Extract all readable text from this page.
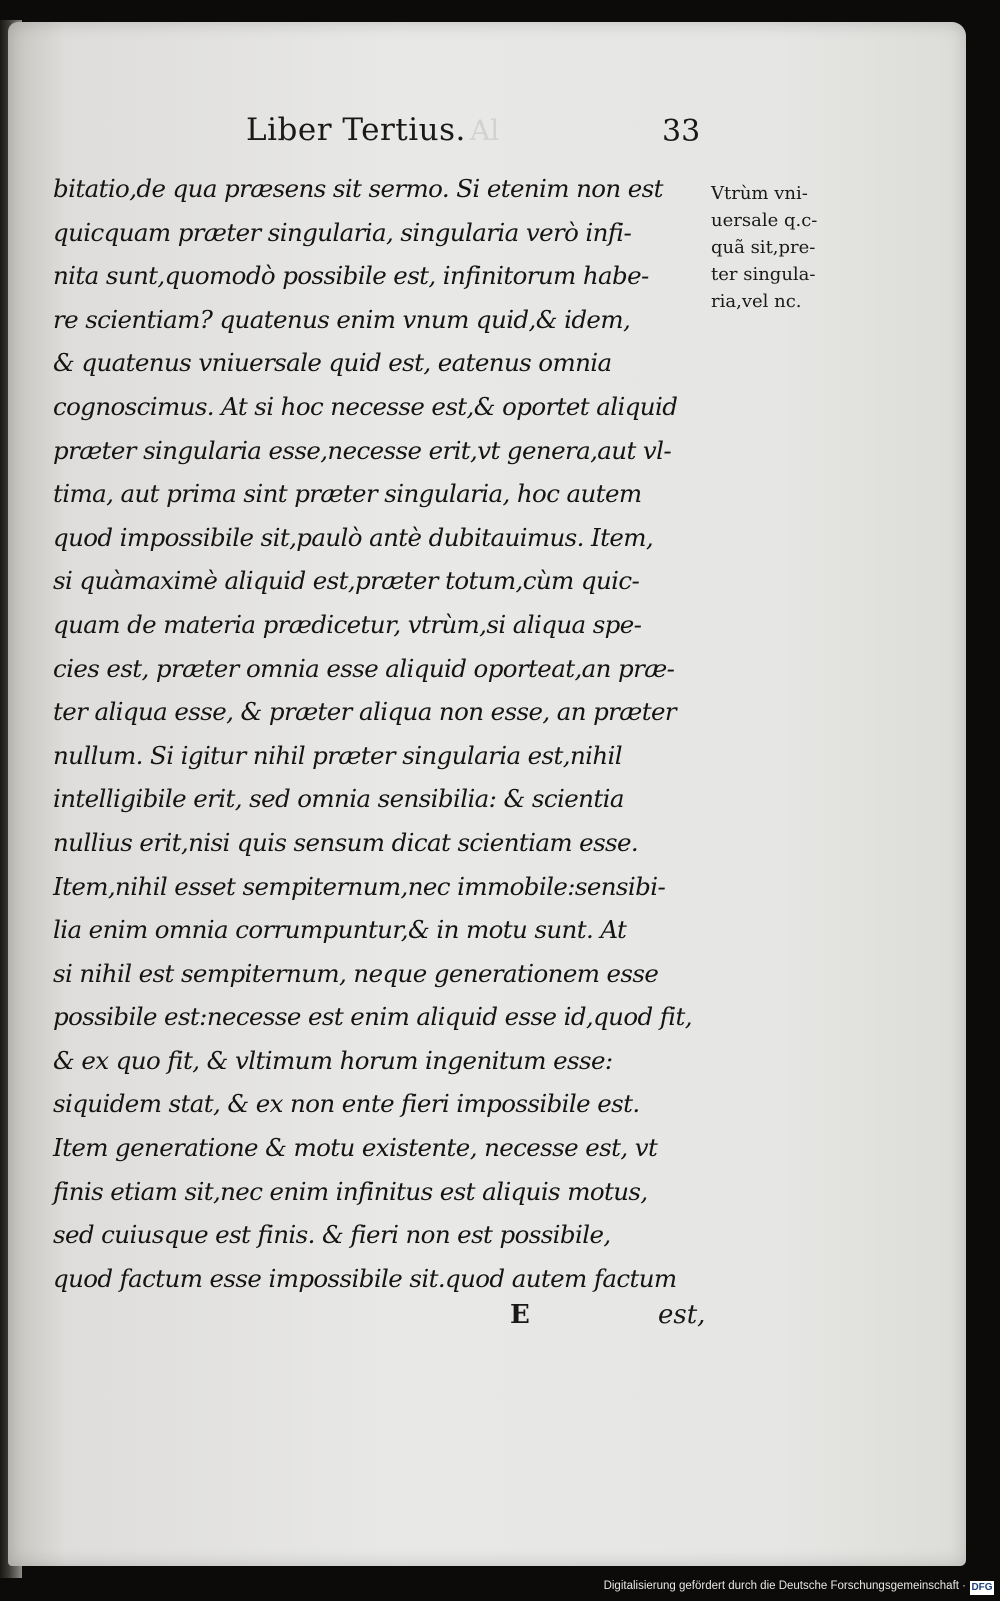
Al
Liber Tertius.	33
bitatio,de qua præsens sit sermo. Si etenim non est
quicquam præter singularia, singularia verò infi-
nita sunt,quomodò possibile est, infinitorum habe-
re scientiam? quatenus enim vnum quid,& idem,
& quatenus vniuersale quid est, eatenus omnia
cognoscimus. At si hoc necesse est,& oportet aliquid
præter singularia esse,necesse erit,vt genera,aut vl-
tima, aut prima sint præter singularia, hoc autem
quod impossibile sit,paulò antè dubitauimus. Item,
si quàmaximè aliquid est,præter totum,cùm quic-
quam de materia prædicetur, vtrùm,si aliqua spe-
cies est, præter omnia esse aliquid oporteat,an præ-
ter aliqua esse, & præter aliqua non esse, an præter
nullum. Si igitur nihil præter singularia est,nihil
intelligibile erit, sed omnia sensibilia: & scientia
nullius erit,nisi quis sensum dicat scientiam esse.
Item,nihil esset sempiternum,nec immobile:sensibi-
lia enim omnia corrumpuntur,& in motu sunt. At
si nihil est sempiternum, neque generationem esse
possibile est:necesse est enim aliquid esse id,quod fit,
& ex quo fit, & vltimum horum ingenitum esse:
siquidem stat, & ex non ente fieri impossibile est.
Item generatione & motu existente, necesse est, vt
finis etiam sit,nec enim infinitus est aliquis motus,
sed cuiusque est finis. & fieri non est possibile,
quod factum esse impossibile sit.quod autem factum
Vtrùm vni-
uersale q.c-
quã sit,pre-
ter singula-
ria,vel nc.
E	est,
Digitalisierung gefördert durch die Deutsche Forschungsgemeinschaft · DFG
